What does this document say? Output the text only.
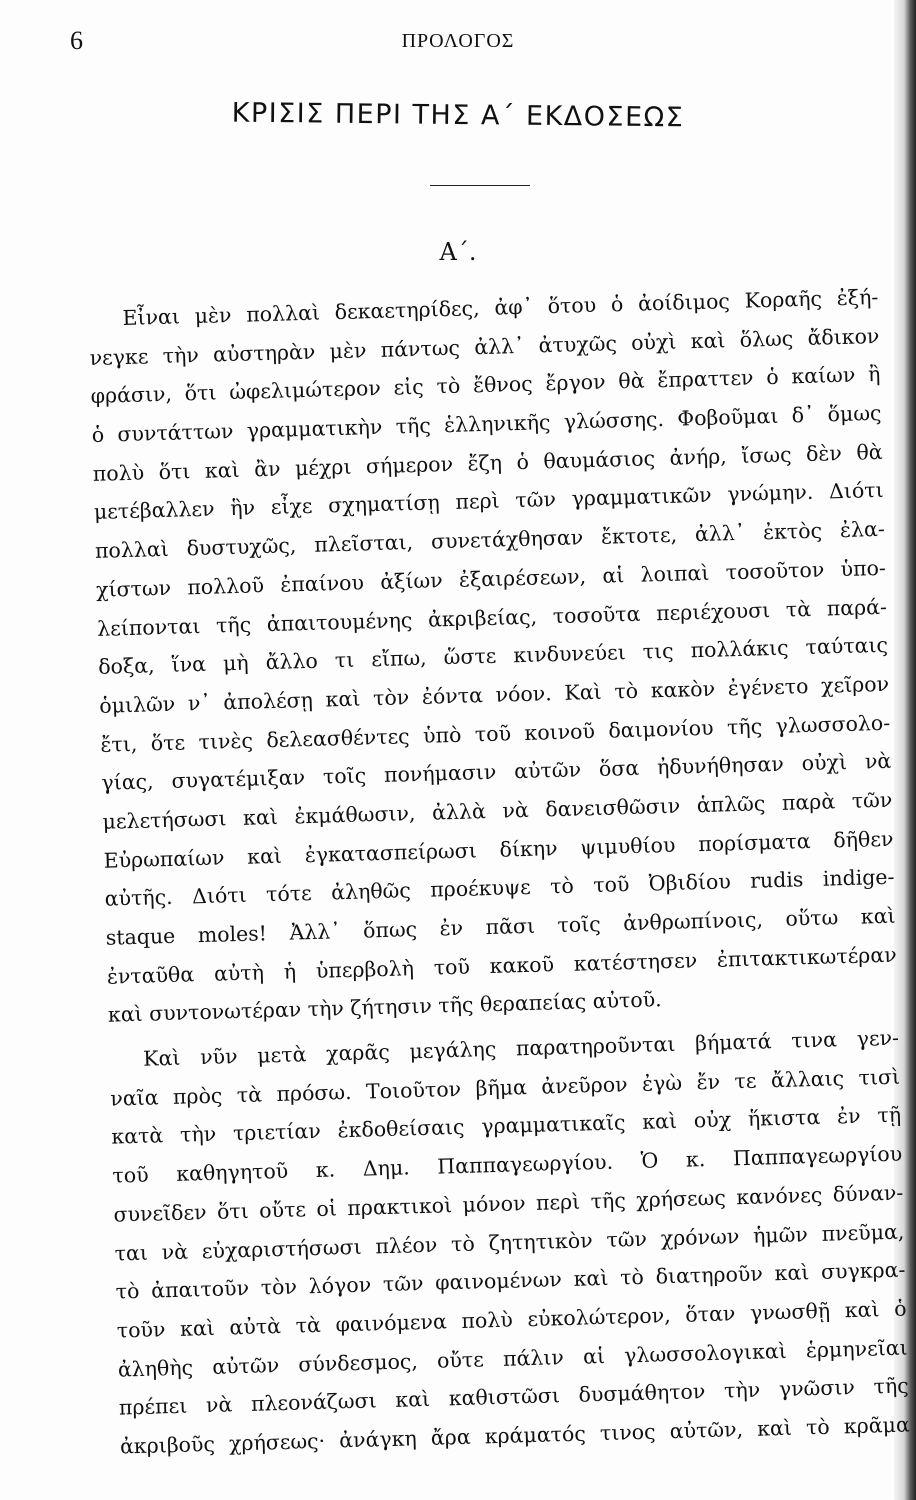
6	ΠΡΟΛΟΓΟΣ
ΚΡΙΣΙΣ ΠΕΡΙ ΤΗΣ Α΄ ΕΚΔΟΣΕΩΣ
Α΄.
Εἶναι μὲν πολλαὶ δεκαετηρίδες, ἀφ᾿ ὅτου ὁ ἀοίδιμος Κοραῆς ἐξή-
νεγκε τὴν αὐστηρὰν μὲν πάντως ἀλλ᾿ ἀτυχῶς οὐχὶ καὶ ὅλως ἄδικον
φράσιν, ὅτι ὠφελιμώτερον εἰς τὸ ἔθνος ἔργον θὰ ἔπραττεν ὁ καίων ἢ
ὁ συντάττων γραμματικὴν τῆς ἑλληνικῆς γλώσσης. Φοβοῦμαι δ᾿ ὅμως
πολὺ ὅτι καὶ ἂν μέχρι σήμερον ἔζη ὁ θαυμάσιος ἀνήρ, ἴσως δὲν θὰ
μετέβαλλεν ἣν εἶχε σχηματίσῃ περὶ τῶν γραμματικῶν γνώμην. Διότι
πολλαὶ δυστυχῶς, πλεῖσται, συνετάχθησαν ἔκτοτε, ἀλλ᾿ ἐκτὸς ἐλα-
χίστων πολλοῦ ἐπαίνου ἀξίων ἐξαιρέσεων, αἱ λοιπαὶ τοσοῦτον ὑπο-
λείπονται τῆς ἀπαιτουμένης ἀκριβείας, τοσοῦτα περιέχουσι τὰ παρά-
δοξα, ἵνα μὴ ἄλλο τι εἴπω, ὥστε κινδυνεύει τις πολλάκις ταύταις
ὁμιλῶν ν᾿ ἀπολέσῃ καὶ τὸν ἐόντα νόον. Καὶ τὸ κακὸν ἐγένετο χεῖρον
ἔτι, ὅτε τινὲς δελεασθέντες ὑπὸ τοῦ κοινοῦ δαιμονίου τῆς γλωσσολο-
γίας, συγατέμιξαν τοῖς πονήμασιν αὐτῶν ὅσα ἠδυνήθησαν οὐχὶ νὰ
μελετήσωσι καὶ ἐκμάθωσιν, ἀλλὰ νὰ δανεισθῶσιν ἁπλῶς παρὰ τῶν
Εὐρωπαίων καὶ ἐγκατασπείρωσι δίκην ψιμυθίου πορίσματα δῆθεν
αὐτῆς. Διότι τότε ἀληθῶς προέκυψε τὸ τοῦ Ὀβιδίου rudis indige-
staque moles! Ἀλλ᾿ ὅπως ἐν πᾶσι τοῖς ἀνθρωπίνοις, οὕτω καὶ
ἐνταῦθα αὐτὴ ἡ ὑπερβολὴ τοῦ κακοῦ κατέστησεν ἐπιτακτικωτέραν
καὶ συντονωτέραν τὴν ζήτησιν τῆς θεραπείας αὐτοῦ.
Καὶ νῦν μετὰ χαρᾶς μεγάλης παρατηροῦνται βήματά τινα γεν-
ναῖα πρὸς τὰ πρόσω. Τοιοῦτον βῆμα ἀνεῦρον ἐγὼ ἔν τε ἄλλαις τισὶ
κατὰ τὴν τριετίαν ἐκδοθείσαις γραμματικαῖς καὶ οὐχ ἥκιστα ἐν τῇ
τοῦ καθηγητοῦ κ. Δημ. Παππαγεωργίου. Ὁ κ. Παππαγεωργίου
συνεῖδεν ὅτι οὔτε οἱ πρακτικοὶ μόνον περὶ τῆς χρήσεως κανόνες δύναν-
ται νὰ εὐχαριστήσωσι πλέον τὸ ζητητικὸν τῶν χρόνων ἡμῶν πνεῦμα,
τὸ ἀπαιτοῦν τὸν λόγον τῶν φαινομένων καὶ τὸ διατηροῦν καὶ συγκρα-
τοῦν καὶ αὐτὰ τὰ φαινόμενα πολὺ εὐκολώτερον, ὅταν γνωσθῇ καὶ ὁ
ἀληθὴς αὐτῶν σύνδεσμος, οὔτε πάλιν αἱ γλωσσολογικαὶ ἑρμηνεῖαι
πρέπει νὰ πλεονάζωσι καὶ καθιστῶσι δυσμάθητον τὴν γνῶσιν τῆς
ἀκριβοῦς χρήσεως· ἀνάγκη ἄρα κράματός τινος αὐτῶν, καὶ τὸ κρᾶμα
